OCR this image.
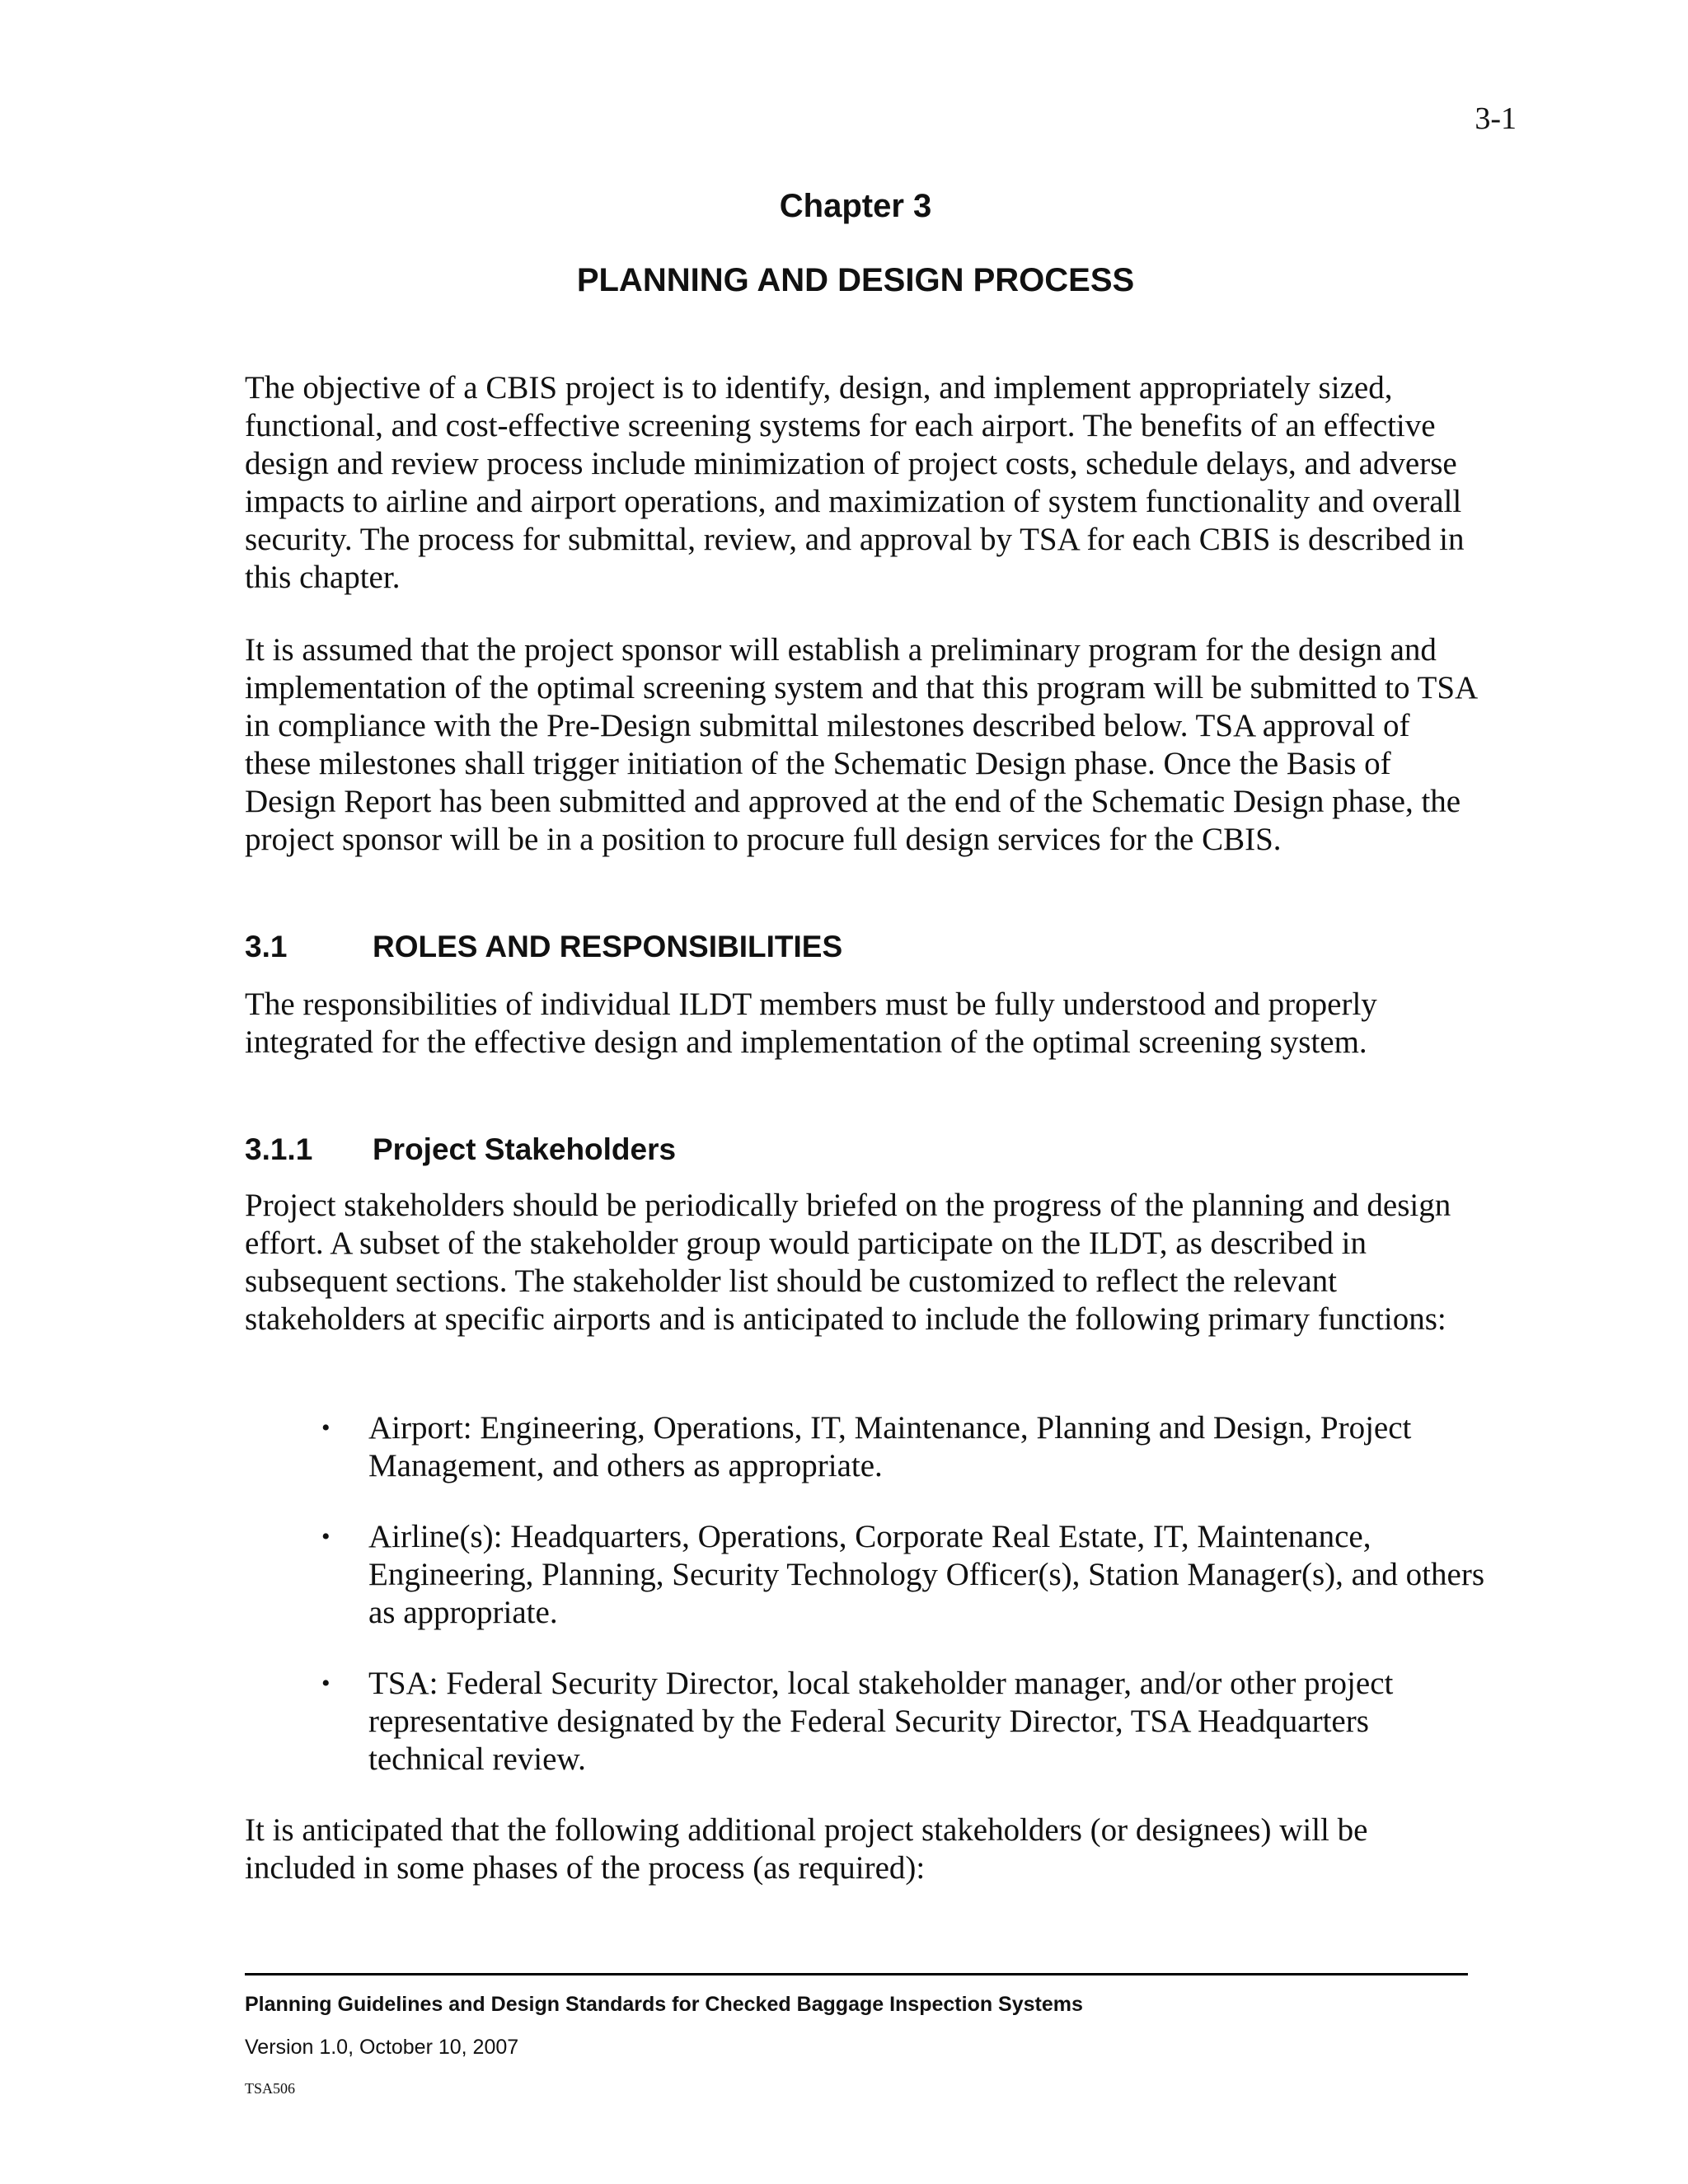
3-1
Chapter 3
PLANNING AND DESIGN PROCESS

The objective of a CBIS project is to identify, design, and implement appropriately sized, functional, and cost-effective screening systems for each airport. The benefits of an effective design and review process include minimization of project costs, schedule delays, and adverse impacts to airline and airport operations, and maximization of system functionality and overall security. The process for submittal, review, and approval by TSA for each CBIS is described in this chapter.

It is assumed that the project sponsor will establish a preliminary program for the design and implementation of the optimal screening system and that this program will be submitted to TSA in compliance with the Pre-Design submittal milestones described below. TSA approval of these milestones shall trigger initiation of the Schematic Design phase. Once the Basis of Design Report has been submitted and approved at the end of the Schematic Design phase, the project sponsor will be in a position to procure full design services for the CBIS.

3.1	ROLES AND RESPONSIBILITIES

The responsibilities of individual ILDT members must be fully understood and properly integrated for the effective design and implementation of the optimal screening system.

3.1.1 Project Stakeholders

Project stakeholders should be periodically briefed on the progress of the planning and design effort. A subset of the stakeholder group would participate on the ILDT, as described in subsequent sections. The stakeholder list should be customized to reflect the relevant stakeholders at specific airports and is anticipated to include the following primary functions:

• Airport: Engineering, Operations, IT, Maintenance, Planning and Design, Project Management, and others as appropriate.
• Airline(s): Headquarters, Operations, Corporate Real Estate, IT, Maintenance, Engineering, Planning, Security Technology Officer(s), Station Manager(s), and others as appropriate.
• TSA: Federal Security Director, local stakeholder manager, and/or other project representative designated by the Federal Security Director, TSA Headquarters technical review.

It is anticipated that the following additional project stakeholders (or designees) will be included in some phases of the process (as required):

Planning Guidelines and Design Standards for Checked Baggage Inspection Systems
Version 1.0, October 10, 2007
TSA506
